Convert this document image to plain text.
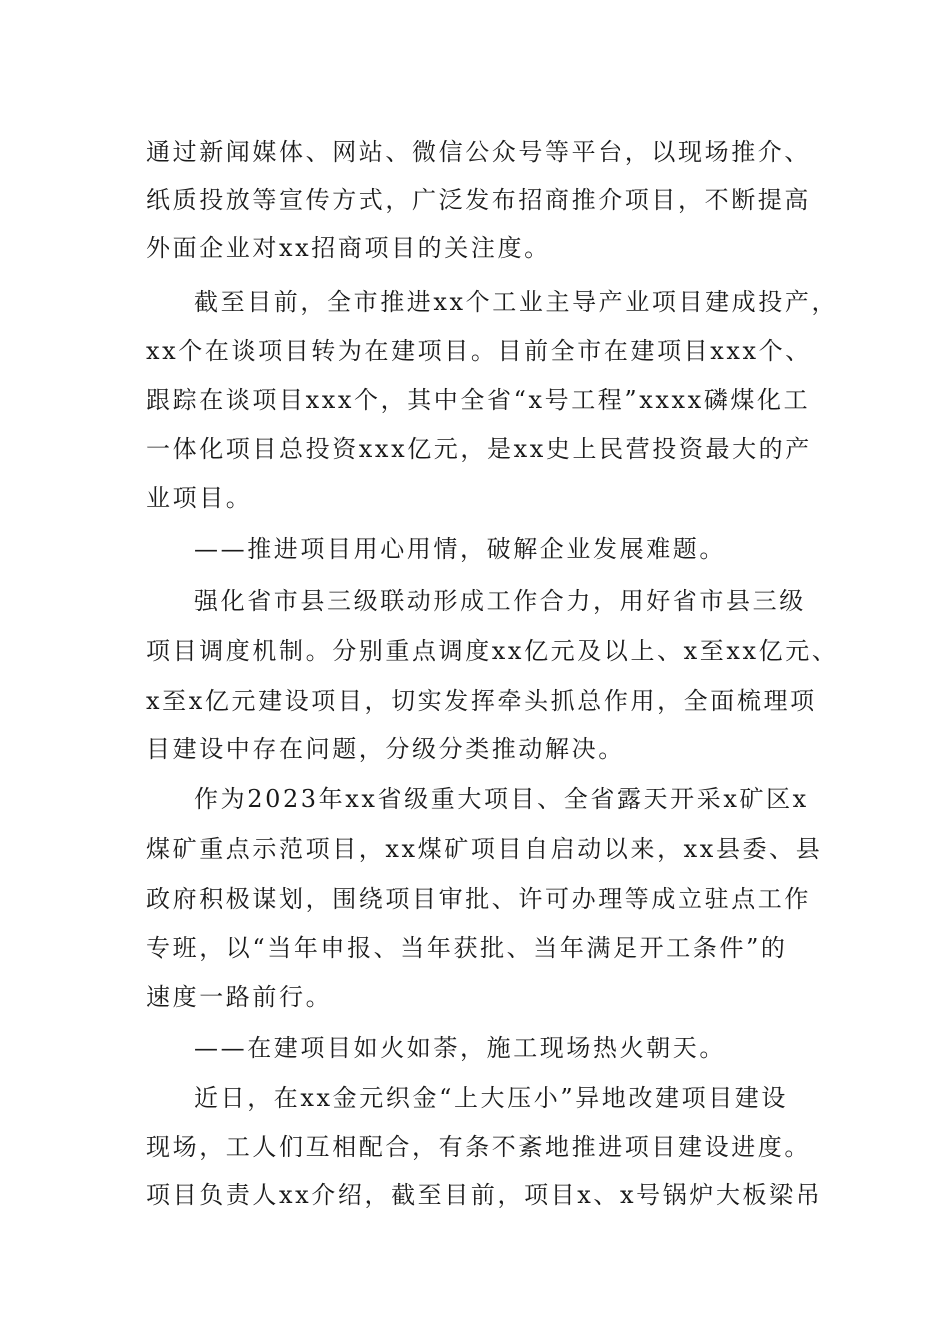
通过新闻媒体、网站、微信公众号等平台，以现场推介、
纸质投放等宣传方式，广泛发布招商推介项目，不断提高
外面企业对xx招商项目的关注度。
截至目前，全市推进xx个工业主导产业项目建成投产，
xx个在谈项目转为在建项目。目前全市在建项目xxx个、
跟踪在谈项目xxx个，其中全省“x号工程”xxxx磷煤化工
一体化项目总投资xxx亿元，是xx史上民营投资最大的产
业项目。
——推进项目用心用情，破解企业发展难题。
强化省市县三级联动形成工作合力，用好省市县三级
项目调度机制。分别重点调度xx亿元及以上、x至xx亿元、
x至x亿元建设项目，切实发挥牵头抓总作用，全面梳理项
目建设中存在问题，分级分类推动解决。
作为2023年xx省级重大项目、全省露天开采x矿区x
煤矿重点示范项目，xx煤矿项目自启动以来，xx县委、县
政府积极谋划，围绕项目审批、许可办理等成立驻点工作
专班，以“当年申报、当年获批、当年满足开工条件”的
速度一路前行。
——在建项目如火如荼，施工现场热火朝天。
近日，在xx金元织金“上大压小”异地改建项目建设
现场，工人们互相配合，有条不紊地推进项目建设进度。
项目负责人xx介绍，截至目前，项目x、x号锅炉大板梁吊
